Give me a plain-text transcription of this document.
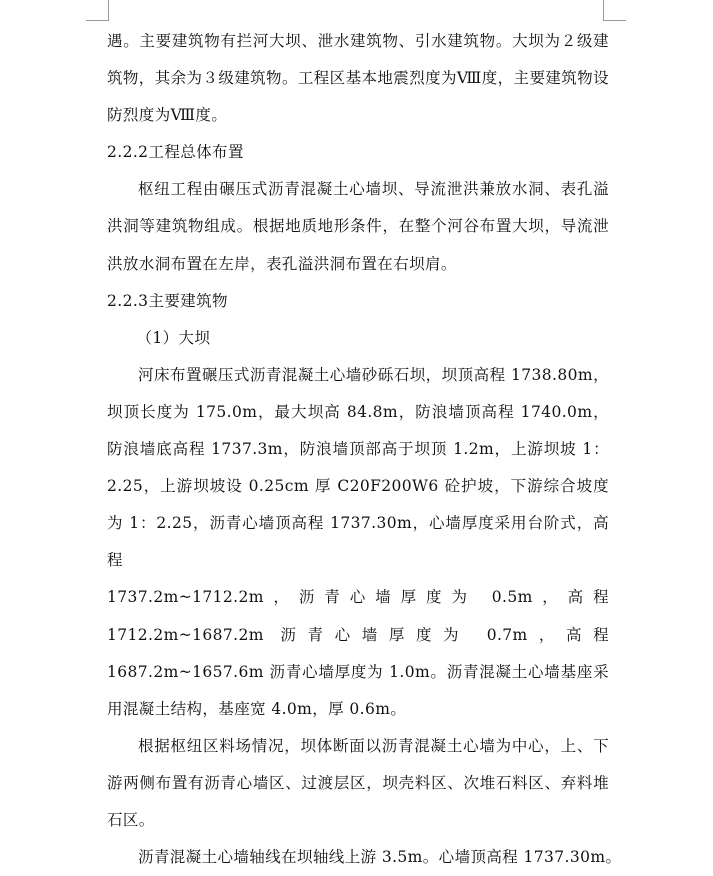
遇。主要建筑物有拦河大坝、泄水建筑物、引水建筑物。大坝为２级建筑物，其余为３级建筑物。工程区基本地震烈度为Ⅷ度，主要建筑物设防烈度为Ⅷ度。

2.2.2工程总体布置

枢纽工程由碾压式沥青混凝土心墙坝、导流泄洪兼放水洞、表孔溢洪洞等建筑物组成。根据地质地形条件，在整个河谷布置大坝，导流泄洪放水洞布置在左岸，表孔溢洪洞布置在右坝肩。

2.2.3主要建筑物

（1）大坝

河床布置碾压式沥青混凝土心墙砂砾石坝，坝顶高程 1738.80m，坝顶长度为 175.0m，最大坝高 84.8m，防浪墙顶高程 1740.0m，防浪墙底高程 1737.3m，防浪墙顶部高于坝顶 1.2m，上游坝坡 1：2.25，上游坝坡设 0.25cm 厚 C20F200W6 砼护坡，下游综合坡度为 1：2.25，沥青心墙顶高程 1737.30m，心墙厚度采用台阶式，高程

1737.2m~1712.2m，沥青心墙厚度为 0.5m，高程 1712.2m~1687.2m 沥青心墙厚度为 0.7m，高程 1687.2m~1657.6m 沥青心墙厚度为 1.0m。沥青混凝土心墙基座采用混凝土结构，基座宽 4.0m，厚 0.6m。

根据枢纽区料场情况，坝体断面以沥青混凝土心墙为中心，上、下游两侧布置有沥青心墙区、过渡层区，坝壳料区、次堆石料区、弃料堆石区。

沥青混凝土心墙轴线在坝轴线上游 3.5m。心墙顶高程 1737.30m。
